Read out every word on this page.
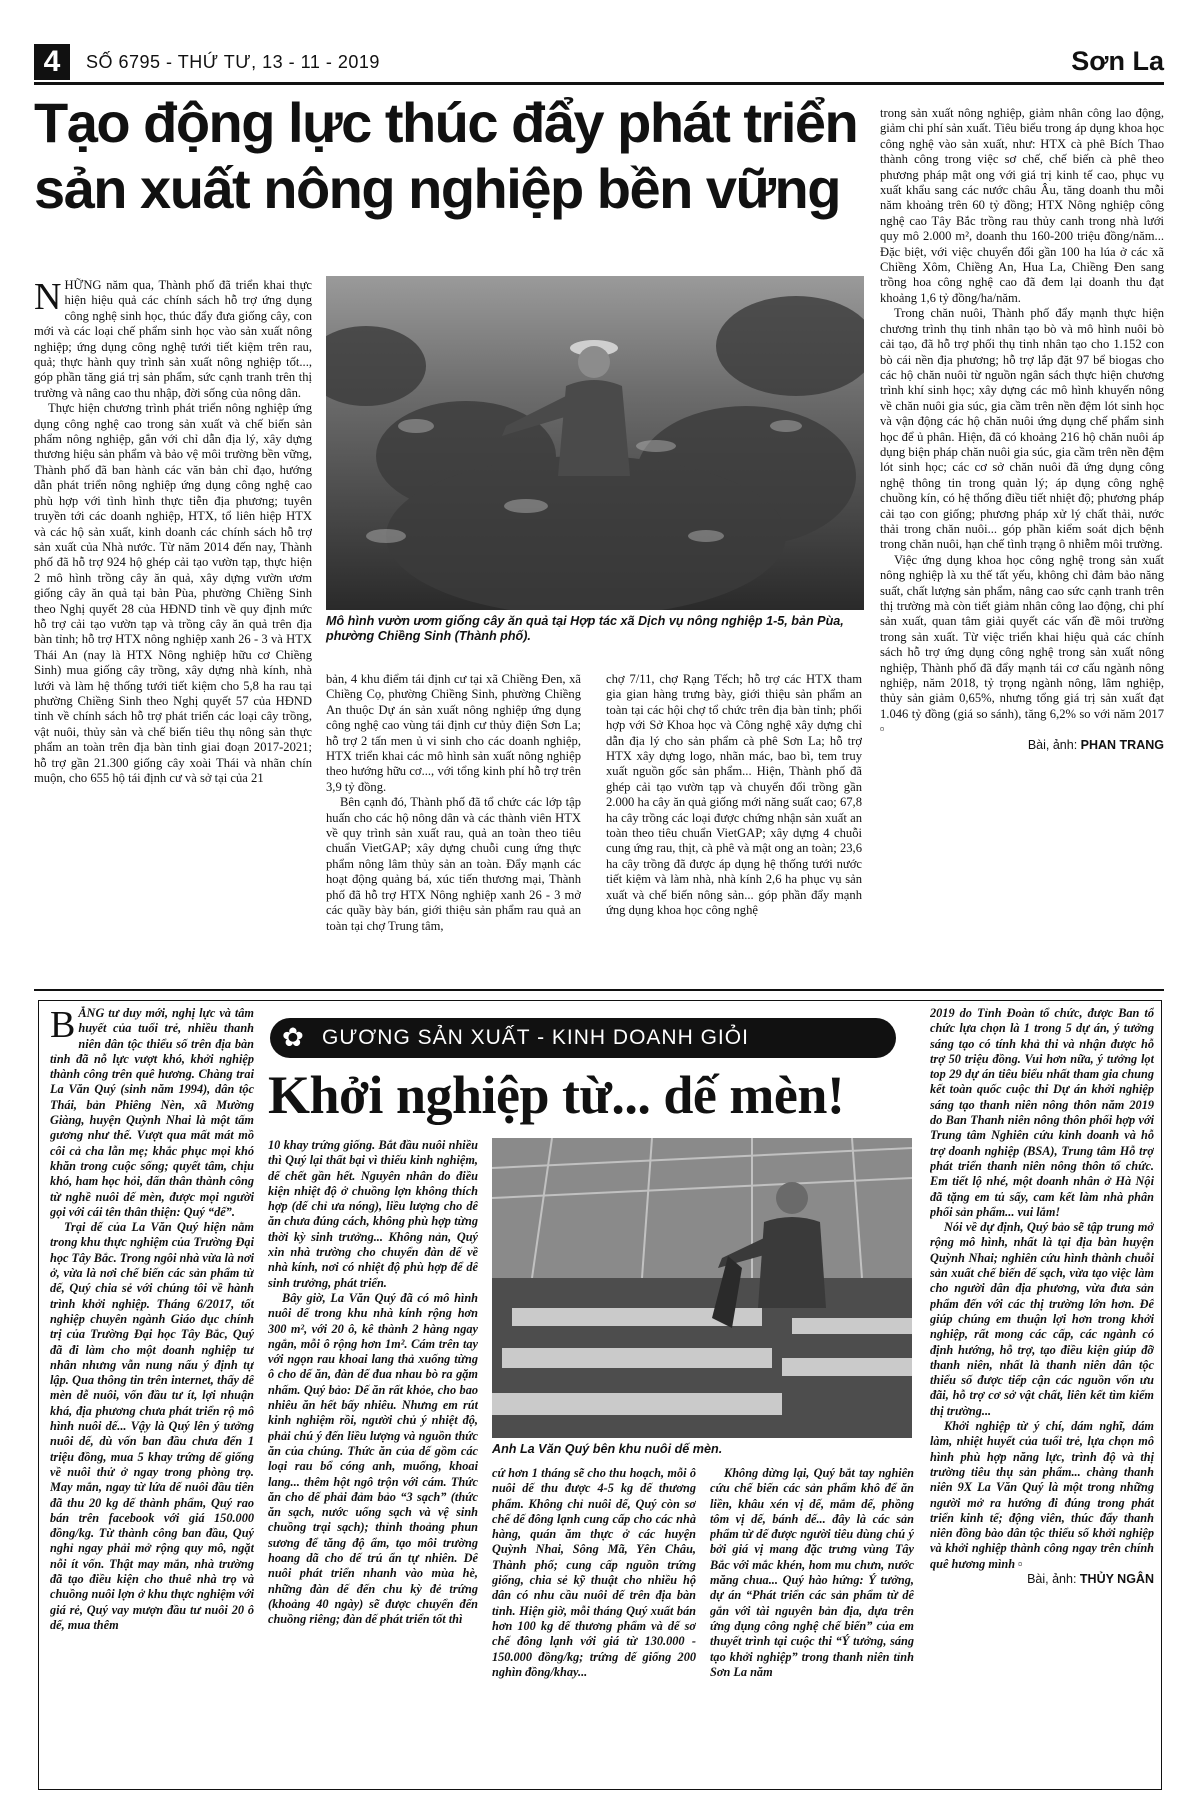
4	SỐ 6795 - THỨ TƯ, 13 - 11 - 2019	Sơn La
Tạo động lực thúc đẩy phát triển
sản xuất nông nghiệp bền vững
Mô hình vườn ươm giống cây ăn quả tại Hợp tác xã Dịch vụ nông nghiệp 1-5, bản Pùa, phường Chiềng Sinh (Thành phố).

NHỮNG năm qua, Thành phố đã triển khai thực hiện hiệu quả các chính sách hỗ trợ ứng dụng công nghệ sinh học, thúc đẩy đưa giống cây, con mới và các loại chế phẩm sinh học vào sản xuất nông nghiệp; ứng dụng công nghệ tưới tiết kiệm trên rau, quả; thực hành quy trình sản xuất nông nghiệp tốt..., góp phần tăng giá trị sản phẩm, sức cạnh tranh trên thị trường và nâng cao thu nhập, đời sống của nông dân.

Thực hiện chương trình phát triển nông nghiệp ứng dụng công nghệ cao trong sản xuất và chế biến sản phẩm nông nghiệp, gắn với chỉ dẫn địa lý, xây dựng thương hiệu sản phẩm và bảo vệ môi trường bền vững, Thành phố đã ban hành các văn bản chỉ đạo, hướng dẫn phát triển nông nghiệp ứng dụng công nghệ cao phù hợp với tình hình thực tiễn địa phương; tuyên truyền tới các doanh nghiệp, HTX, tổ liên hiệp HTX và các hộ sản xuất, kinh doanh các chính sách hỗ trợ sản xuất của Nhà nước. Từ năm 2014 đến nay, Thành phố đã hỗ trợ 924 hộ ghép cải tạo vườn tạp, thực hiện 2 mô hình trồng cây ăn quả, xây dựng vườn ươm giống cây ăn quả tại bản Pùa, phường Chiềng Sinh theo Nghị quyết 28 của HĐND tỉnh về quy định mức hỗ trợ cải tạo vườn tạp và trồng cây ăn quả trên địa bàn tỉnh; hỗ trợ HTX nông nghiệp xanh 26 - 3 và HTX Thái An (nay là HTX Nông nghiệp hữu cơ Chiềng Sinh) mua giống cây trồng, xây dựng nhà kính, nhà lưới và làm hệ thống tưới tiết kiệm cho 5,8 ha rau tại phường Chiềng Sinh theo Nghị quyết 57 của HĐND tỉnh về chính sách hỗ trợ phát triển các loại cây trồng, vật nuôi, thủy sản và chế biến tiêu thụ nông sản thực phẩm an toàn trên địa bàn tỉnh giai đoạn 2017-2021; hỗ trợ gần 21.300 giống cây xoài Thái và nhãn chín muộn, cho 655 hộ tái định cư và sở tại của 21

bản, 4 khu điểm tái định cư tại xã Chiềng Đen, xã Chiềng Cọ, phường Chiềng Sinh, phường Chiềng An thuộc Dự án sản xuất nông nghiệp ứng dụng công nghệ cao vùng tái định cư thủy điện Sơn La; hỗ trợ 2 tấn men ủ vi sinh cho các doanh nghiệp, HTX triển khai các mô hình sản xuất nông nghiệp theo hướng hữu cơ..., với tổng kinh phí hỗ trợ trên 3,9 tỷ đồng.

Bên cạnh đó, Thành phố đã tổ chức các lớp tập huấn cho các hộ nông dân và các thành viên HTX về quy trình sản xuất rau, quả an toàn theo tiêu chuẩn VietGAP; xây dựng chuỗi cung ứng thực phẩm nông lâm thủy sản an toàn. Đẩy mạnh các hoạt động quảng bá, xúc tiến thương mại, Thành phố đã hỗ trợ HTX Nông nghiệp xanh 26 - 3 mở các quầy bày bán, giới thiệu sản phẩm rau quả an toàn tại chợ Trung tâm,

chợ 7/11, chợ Rạng Tếch; hỗ trợ các HTX tham gia gian hàng trưng bày, giới thiệu sản phẩm an toàn tại các hội chợ tổ chức trên địa bàn tỉnh; phối hợp với Sở Khoa học và Công nghệ xây dựng chỉ dẫn địa lý cho sản phẩm cà phê Sơn La; hỗ trợ HTX xây dựng logo, nhãn mác, bao bì, tem truy xuất nguồn gốc sản phẩm... Hiện, Thành phố đã ghép cải tạo vườn tạp và chuyển đổi trồng gần 2.000 ha cây ăn quả giống mới năng suất cao; 67,8 ha cây trồng các loại được chứng nhận sản xuất an toàn theo tiêu chuẩn VietGAP; xây dựng 4 chuỗi cung ứng rau, thịt, cà phê và mật ong an toàn; 23,6 ha cây trồng đã được áp dụng hệ thống tưới nước tiết kiệm và làm nhà, nhà kính 2,6 ha phục vụ sản xuất và chế biến nông sản... góp phần đẩy mạnh ứng dụng khoa học công nghệ

trong sản xuất nông nghiệp, giảm nhân công lao động, giảm chi phí sản xuất. Tiêu biểu trong áp dụng khoa học công nghệ vào sản xuất, như: HTX cà phê Bích Thao thành công trong việc sơ chế, chế biến cà phê theo phương pháp mật ong với giá trị kinh tế cao, phục vụ xuất khẩu sang các nước châu Âu, tăng doanh thu mỗi năm khoảng trên 60 tỷ đồng; HTX Nông nghiệp công nghệ cao Tây Bắc trồng rau thủy canh trong nhà lưới quy mô 2.000 m², doanh thu 160-200 triệu đồng/năm... Đặc biệt, với việc chuyển đổi gần 100 ha lúa ở các xã Chiềng Xôm, Chiềng An, Hua La, Chiềng Đen sang trồng hoa công nghệ cao đã đem lại doanh thu đạt khoảng 1,6 tỷ đồng/ha/năm.

Trong chăn nuôi, Thành phố đẩy mạnh thực hiện chương trình thụ tinh nhân tạo bò và mô hình nuôi bò cải tạo, đã hỗ trợ phối thụ tinh nhân tạo cho 1.152 con bò cái nền địa phương; hỗ trợ lắp đặt 97 bể biogas cho các hộ chăn nuôi từ nguồn ngân sách thực hiện chương trình khí sinh học; xây dựng các mô hình khuyến nông về chăn nuôi gia súc, gia cầm trên nền đệm lót sinh học và vận động các hộ chăn nuôi ứng dụng chế phẩm sinh học để ủ phân. Hiện, đã có khoảng 216 hộ chăn nuôi áp dụng biện pháp chăn nuôi gia súc, gia cầm trên nền đệm lót sinh học; các cơ sở chăn nuôi đã ứng dụng công nghệ thông tin trong quản lý; áp dụng công nghệ chuồng kín, có hệ thống điều tiết nhiệt độ; phương pháp cải tạo con giống; phương pháp xử lý chất thải, nước thải trong chăn nuôi... góp phần kiểm soát dịch bệnh trong chăn nuôi, hạn chế tình trạng ô nhiễm môi trường.

Việc ứng dụng khoa học công nghệ trong sản xuất nông nghiệp là xu thế tất yếu, không chỉ đảm bảo năng suất, chất lượng sản phẩm, nâng cao sức cạnh tranh trên thị trường mà còn tiết giảm nhân công lao động, chi phí sản xuất, quan tâm giải quyết các vấn đề môi trường trong sản xuất. Từ việc triển khai hiệu quả các chính sách hỗ trợ ứng dụng công nghệ trong sản xuất nông nghiệp, Thành phố đã đẩy mạnh tái cơ cấu ngành nông nghiệp, năm 2018, tỷ trọng ngành nông, lâm nghiệp, thủy sản giảm 0,65%, nhưng tổng giá trị sản xuất đạt 1.046 tỷ đồng (giá so sánh), tăng 6,2% so với năm 2017 ▫

Bài, ảnh: PHAN TRANG

✿ GƯƠNG SẢN XUẤT - KINH DOANH GIỎI
Khởi nghiệp từ... dế mèn!
Anh La Văn Quý bên khu nuôi dế mèn.

BẰNG tư duy mới, nghị lực và tâm huyết của tuổi trẻ, nhiều thanh niên dân tộc thiểu số trên địa bàn tỉnh đã nỗ lực vượt khó, khởi nghiệp thành công trên quê hương. Chàng trai La Văn Quý (sinh năm 1994), dân tộc Thái, bản Phiêng Nèn, xã Mường Giàng, huyện Quỳnh Nhai là một tấm gương như thế. Vượt qua mất mát mồ côi cả cha lẫn mẹ; khắc phục mọi khó khăn trong cuộc sống; quyết tâm, chịu khó, ham học hỏi, dấn thân thành công từ nghề nuôi dế mèn, được mọi người gọi với cái tên thân thiện: Quý “dế”.

Trại dế của La Văn Quý hiện nằm trong khu thực nghiệm của Trường Đại học Tây Bắc. Trong ngôi nhà vừa là nơi ở, vừa là nơi chế biến các sản phẩm từ dế, Quý chia sẻ với chúng tôi về hành trình khởi nghiệp. Tháng 6/2017, tốt nghiệp chuyên ngành Giáo dục chính trị của Trường Đại học Tây Bắc, Quý đã đi làm cho một doanh nghiệp tư nhân nhưng vẫn nung nấu ý định tự lập. Qua thông tin trên internet, thấy dế mèn dễ nuôi, vốn đầu tư ít, lợi nhuận khá, địa phương chưa phát triển rộ mô hình nuôi dế... Vậy là Quý lên ý tưởng nuôi dế, dù vốn ban đầu chưa đến 1 triệu đồng, mua 5 khay trứng dế giống về nuôi thử ở ngay trong phòng trọ. May mắn, ngay từ lứa dế nuôi đầu tiên đã thu 20 kg dế thành phẩm, Quý rao bán trên facebook với giá 150.000 đồng/kg. Từ thành công ban đầu, Quý nghỉ ngay phải mở rộng quy mô, ngặt nỗi ít vốn. Thật may mắn, nhà trường đã tạo điều kiện cho thuê nhà trọ và chuồng nuôi lợn ở khu thực nghiệm với giá rẻ, Quý vay mượn đầu tư nuôi 20 ô dế, mua thêm

10 khay trứng giống. Bắt đầu nuôi nhiều thì Quý lại thất bại vì thiếu kinh nghiệm, dế chết gần hết. Nguyên nhân do điều kiện nhiệt độ ở chuồng lợn không thích hợp (dế chỉ ưa nóng), liều lượng cho dế ăn chưa đúng cách, không phù hợp từng thời kỳ sinh trưởng... Không nản, Quý xin nhà trường cho chuyển đàn dế về nhà kính, nơi có nhiệt độ phù hợp để dế sinh trưởng, phát triển.

Bây giờ, La Văn Quý đã có mô hình nuôi dế trong khu nhà kính rộng hơn 300 m², với 20 ô, kê thành 2 hàng ngay ngắn, mỗi ô rộng hơn 1m². Cám trên tay với ngọn rau khoai lang thả xuống từng ô cho dế ăn, đàn dế đua nhau bò ra gặm nhấm. Quý bảo: Dế ăn rất khỏe, cho bao nhiêu ăn hết bấy nhiêu. Nhưng em rút kinh nghiệm rồi, người chủ ý nhiệt độ, phải chú ý đến liều lượng và nguồn thức ăn của chúng. Thức ăn của dế gồm các loại rau bổ cóng anh, muống, khoai lang... thêm hột ngô trộn với cám. Thức ăn cho dế phải đảm bảo “3 sạch” (thức ăn sạch, nước uống sạch và vệ sinh chuồng trại sạch); thỉnh thoảng phun sương để tăng độ ẩm, tạo môi trường hoang dã cho dế trú ẩn tự nhiên. Dế nuôi phát triển nhanh vào mùa hè, những đàn dế đến chu kỳ đẻ trứng (khoảng 40 ngày) sẽ được chuyển đến chuồng riêng; đàn dế phát triển tốt thì

cứ hơn 1 tháng sẽ cho thu hoạch, mỗi ô nuôi dế thu được 4-5 kg dế thương phẩm. Không chỉ nuôi dế, Quý còn sơ chế dế đông lạnh cung cấp cho các nhà hàng, quán ăm thực ở các huyện Quỳnh Nhai, Sông Mã, Yên Châu, Thành phố; cung cấp nguồn trứng giống, chia sẻ kỹ thuật cho nhiều hộ dân có nhu cầu nuôi dế trên địa bàn tỉnh. Hiện giờ, mỗi tháng Quý xuất bán hơn 100 kg dế thương phẩm và dế sơ chế đông lạnh với giá từ 130.000 - 150.000 đồng/kg; trứng dế giống 200 nghìn đồng/khay...

Không dừng lại, Quý bắt tay nghiên cứu chế biến các sản phẩm khô để ăn liền, khâu xén vị dế, mắm dế, phồng tôm vị dế, bánh dế... đây là các sản phẩm từ dế được người tiêu dùng chú ý bởi giá vị mang đặc trưng vùng Tây Bắc với mắc khén, hom mu chưn, nước măng chua... Quý hào hứng: Ý tưởng, dự án “Phát triển các sản phẩm từ dế gắn với tài nguyên bản địa, dựa trên ứng dụng công nghệ chế biến” của em thuyết trình tại cuộc thi “Ý tưởng, sáng tạo khởi nghiệp” trong thanh niên tỉnh Sơn La năm

2019 do Tỉnh Đoàn tổ chức, được Ban tổ chức lựa chọn là 1 trong 5 dự án, ý tưởng sáng tạo có tính khả thi và nhận được hỗ trợ 50 triệu đồng. Vui hơn nữa, ý tưởng lọt top 29 dự án tiêu biểu nhất tham gia chung kết toàn quốc cuộc thi Dự án khởi nghiệp sáng tạo thanh niên nông thôn năm 2019 do Ban Thanh niên nông thôn phối hợp với Trung tâm Nghiên cứu kinh doanh và hỗ trợ doanh nghiệp (BSA), Trung tâm Hỗ trợ phát triển thanh niên nông thôn tổ chức. Em tiết lộ nhé, một doanh nhân ở Hà Nội đã tặng em tủ sấy, cam kết làm nhà phân phối sản phẩm... vui lắm!

Nói về dự định, Quý bảo sẽ tập trung mở rộng mô hình, nhất là tại địa bàn huyện Quỳnh Nhai; nghiên cứu hình thành chuỗi sản xuất chế biến dế sạch, vừa tạo việc làm cho người dân địa phương, vừa đưa sản phẩm đến với các thị trường lớn hơn. Để giúp chúng em thuận lợi hơn trong khởi nghiệp, rất mong các cấp, các ngành có định hướng, hỗ trợ, tạo điều kiện giúp đỡ thanh niên, nhất là thanh niên dân tộc thiểu số được tiếp cận các nguồn vốn ưu đãi, hỗ trợ cơ sở vật chất, liên kết tìm kiếm thị trường...

Khởi nghiệp từ ý chí, dám nghĩ, dám làm, nhiệt huyết của tuổi trẻ, lựa chọn mô hình phù hợp năng lực, trình độ và thị trường tiêu thụ sản phẩm... chàng thanh niên 9X La Văn Quý là một trong những người mở ra hướng đi đúng trong phát triển kinh tế; động viên, thúc đẩy thanh niên đồng bào dân tộc thiểu số khởi nghiệp và khởi nghiệp thành công ngay trên chính quê hương mình ▫

Bài, ảnh: THỦY NGÂN
